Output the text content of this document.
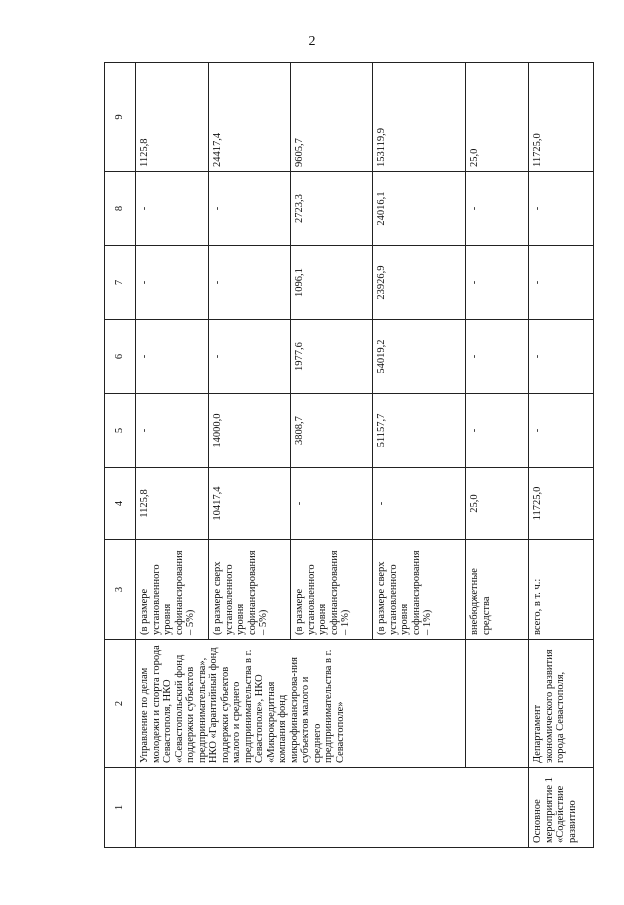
2
1	2	3	4	5	6	7	8	9
	Управление по делам молодежи и спорта города Севастополя, НКО «Севастопольский фонд поддержки субъектов предпринимательства», НКО «Гарантийный фонд поддержки субъектов малого и среднего предпринимательства в г. Севастополе», НКО «Микрокредитная компания фонд микрофинансирова-ния субъектов малого и среднего предпринимательства в г. Севастополе»	(в размере установленного уровня софинансирования – 5%)	1125,8	-	-	-	-	1125,8
		(в размере сверх установленного уровня софинансирования – 5%)	10417,4	14000,0	-	-	-	24417,4
		(в размере установленного уровня софинансирования – 1%)	-	3808,7	1977,6	1096,1	2723,3	9605,7
		(в размере сверх установленного уровня софинансирования – 1%)	-	51157,7	54019,2	23926,9	24016,1	153119,9
		внебюджетные средства	25,0	-	-	-	-	25,0
Основное мероприятие 1 «Содействие развитию	Департамент экономического развития города Севастополя,	всего, в т. ч.:	11725,0	-	-	-	-	11725,0
